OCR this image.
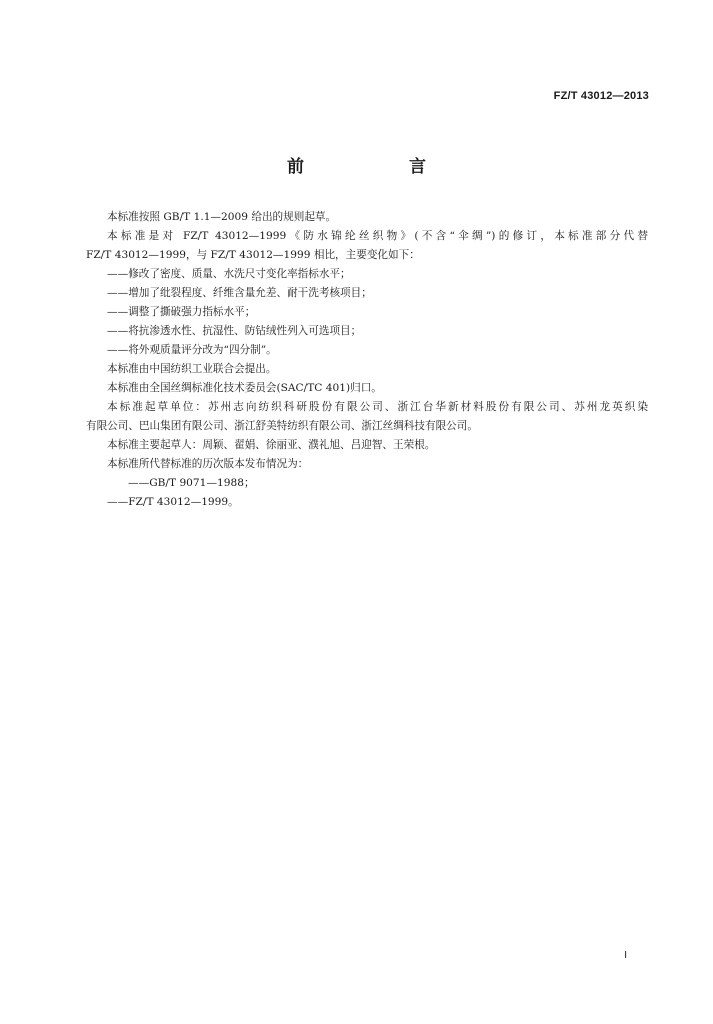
FZ/T 43012—2013
前　言

本标准按照 GB/T 1.1—2009 给出的规则起草。

本标准是对 FZ/T 43012—1999《防水锦纶丝织物》(不含“伞绸”)的修订，本标准部分代替

FZ/T 43012—1999，与 FZ/T 43012—1999 相比，主要变化如下：

——修改了密度、质量、水洗尺寸变化率指标水平；

——增加了纰裂程度、纤维含量允差、耐干洗考核项目；

——调整了撕破强力指标水平；

——将抗渗透水性、抗湿性、防钻绒性列入可选项目；

——将外观质量评分改为“四分制”。

本标准由中国纺织工业联合会提出。

本标准由全国丝绸标准化技术委员会(SAC/TC 401)归口。

本标准起草单位：苏州志向纺织科研股份有限公司、浙江台华新材料股份有限公司、苏州龙英织染

有限公司、巴山集团有限公司、浙江舒美特纺织有限公司、浙江丝绸科技有限公司。

本标准主要起草人：周颖、翟娟、徐丽亚、濮礼旭、吕迎智、王荣根。

本标准所代替标准的历次版本发布情况为：

——GB/T 9071—1988；

——FZ/T 43012—1999。

I
